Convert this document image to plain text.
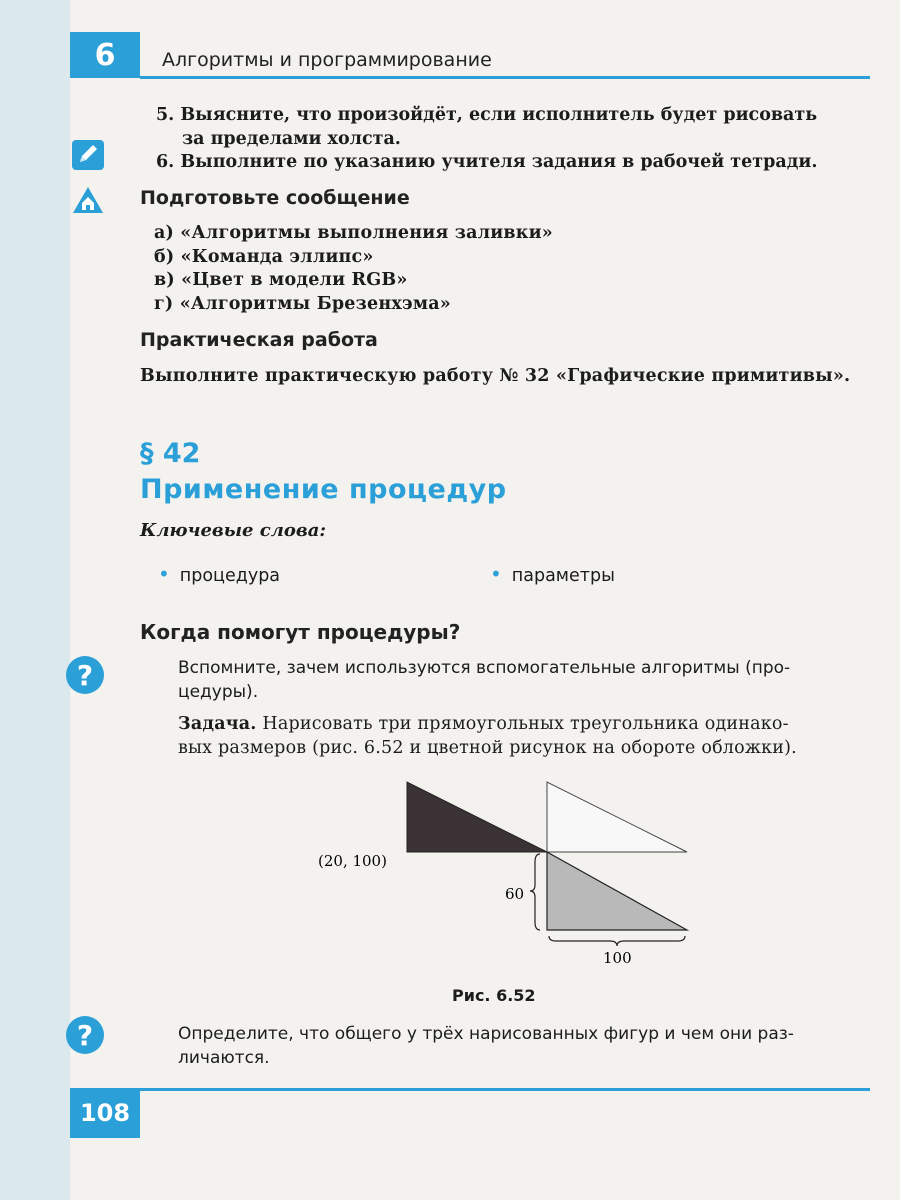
6	Алгоритмы и программирование
5. Выясните, что произойдёт, если исполнитель будет рисовать
за пределами холста.
6. Выполните по указанию учителя задания в рабочей тетради.
Подготовьте сообщение
а) «Алгоритмы выполнения заливки»
б) «Команда эллипс»
в) «Цвет в модели RGB»
г) «Алгоритмы Брезенхэма»
Практическая работа
Выполните практическую работу № 32 «Графические примитивы».
§ 42
Применение процедур
Ключевые слова:
• процедура	• параметры
Когда помогут процедуры?
?	Вспомните, зачем используются вспомогательные алгоритмы (про-
цедуры).
Задача. Нарисовать три прямоугольных треугольника одинако-
вых размеров (рис. 6.52 и цветной рисунок на обороте обложки).
(20, 100)
60
100
Рис. 6.52
?	Определите, что общего у трёх нарисованных фигур и чем они раз-
личаются.
108
